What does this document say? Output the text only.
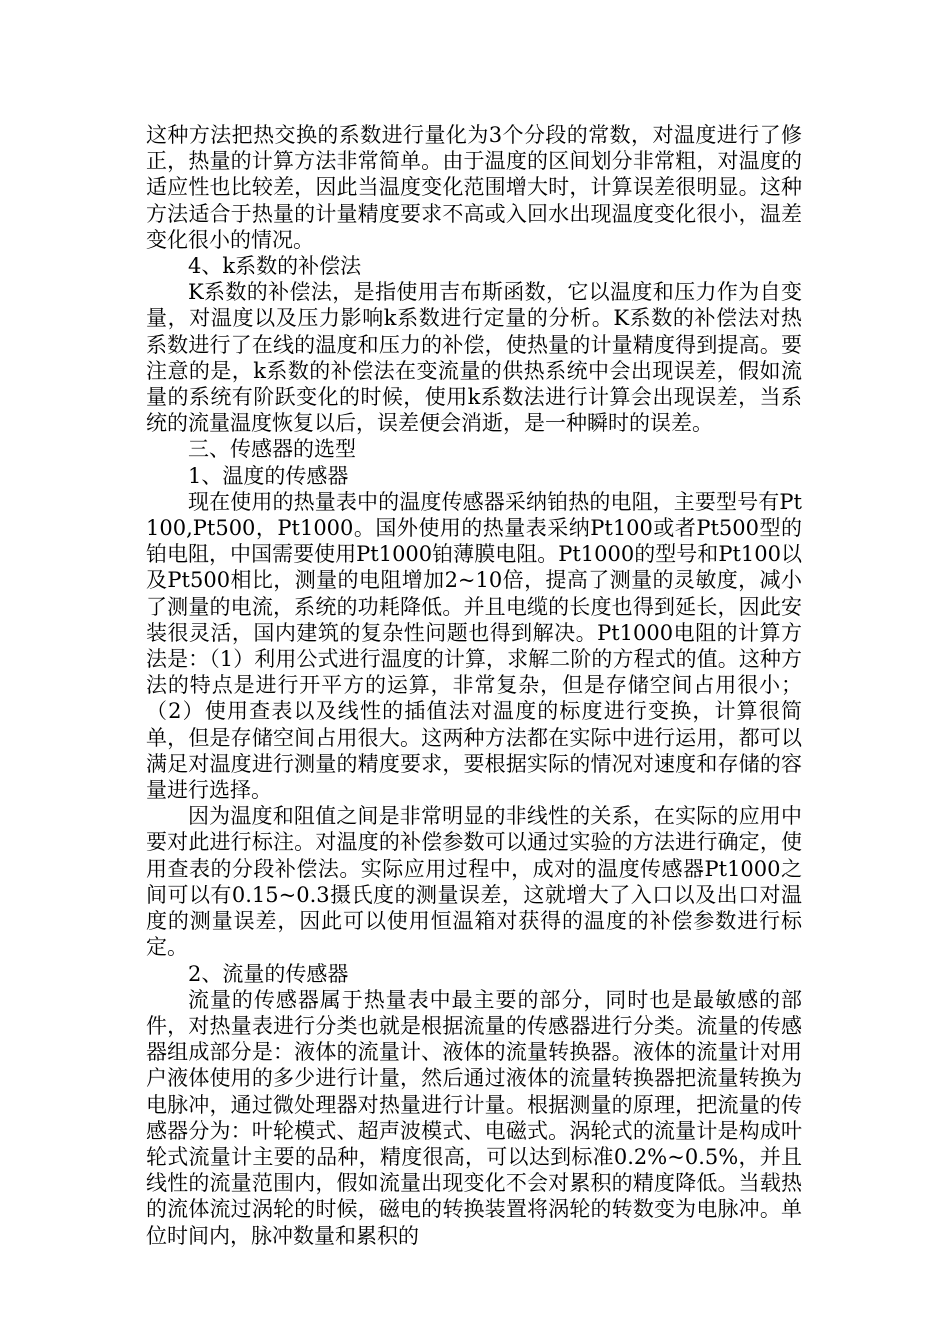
这种方法把热交换的系数进行量化为3个分段的常数，对温度进行了修正，热量的计算方法非常简单。由于温度的区间划分非常粗，对温度的适应性也比较差，因此当温度变化范围增大时，计算误差很明显。这种方法适合于热量的计量精度要求不高或入回水出现温度变化很小，温差变化很小的情况。

4、k系数的补偿法

K系数的补偿法，是指使用吉布斯函数，它以温度和压力作为自变量，对温度以及压力影响k系数进行定量的分析。K系数的补偿法对热系数进行了在线的温度和压力的补偿，使热量的计量精度得到提高。要注意的是，k系数的补偿法在变流量的供热系统中会出现误差，假如流量的系统有阶跃变化的时候，使用k系数法进行计算会出现误差，当系统的流量温度恢复以后，误差便会消逝，是一种瞬时的误差。

三、传感器的选型

1、温度的传感器

现在使用的热量表中的温度传感器采纳铂热的电阻，主要型号有Pt100,Pt500，Pt1000。国外使用的热量表采纳Pt100或者Pt500型的铂电阻，中国需要使用Pt1000铂薄膜电阻。Pt1000的型号和Pt100以及Pt500相比，测量的电阻增加2~10倍，提高了测量的灵敏度，减小了测量的电流，系统的功耗降低。并且电缆的长度也得到延长，因此安装很灵活，国内建筑的复杂性问题也得到解决。Pt1000电阻的计算方法是：（1）利用公式进行温度的计算，求解二阶的方程式的值。这种方法的特点是进行开平方的运算，非常复杂，但是存储空间占用很小；（2）使用查表以及线性的插值法对温度的标度进行变换，计算很简单，但是存储空间占用很大。这两种方法都在实际中进行运用，都可以满足对温度进行测量的精度要求，要根据实际的情况对速度和存储的容量进行选择。

因为温度和阻值之间是非常明显的非线性的关系，在实际的应用中要对此进行标注。对温度的补偿参数可以通过实验的方法进行确定，使用查表的分段补偿法。实际应用过程中，成对的温度传感器Pt1000之间可以有0.15~0.3摄氏度的测量误差，这就增大了入口以及出口对温度的测量误差，因此可以使用恒温箱对获得的温度的补偿参数进行标定。

2、流量的传感器

流量的传感器属于热量表中最主要的部分，同时也是最敏感的部件，对热量表进行分类也就是根据流量的传感器进行分类。流量的传感器组成部分是：液体的流量计、液体的流量转换器。液体的流量计对用户液体使用的多少进行计量，然后通过液体的流量转换器把流量转换为电脉冲，通过微处理器对热量进行计量。根据测量的原理，把流量的传感器分为：叶轮模式、超声波模式、电磁式。涡轮式的流量计是构成叶轮式流量计主要的品种，精度很高，可以达到标准0.2%~0.5%，并且线性的流量范围内，假如流量出现变化不会对累积的精度降低。当载热的流体流过涡轮的时候，磁电的转换装置将涡轮的转数变为电脉冲。单位时间内，脉冲数量和累积的
